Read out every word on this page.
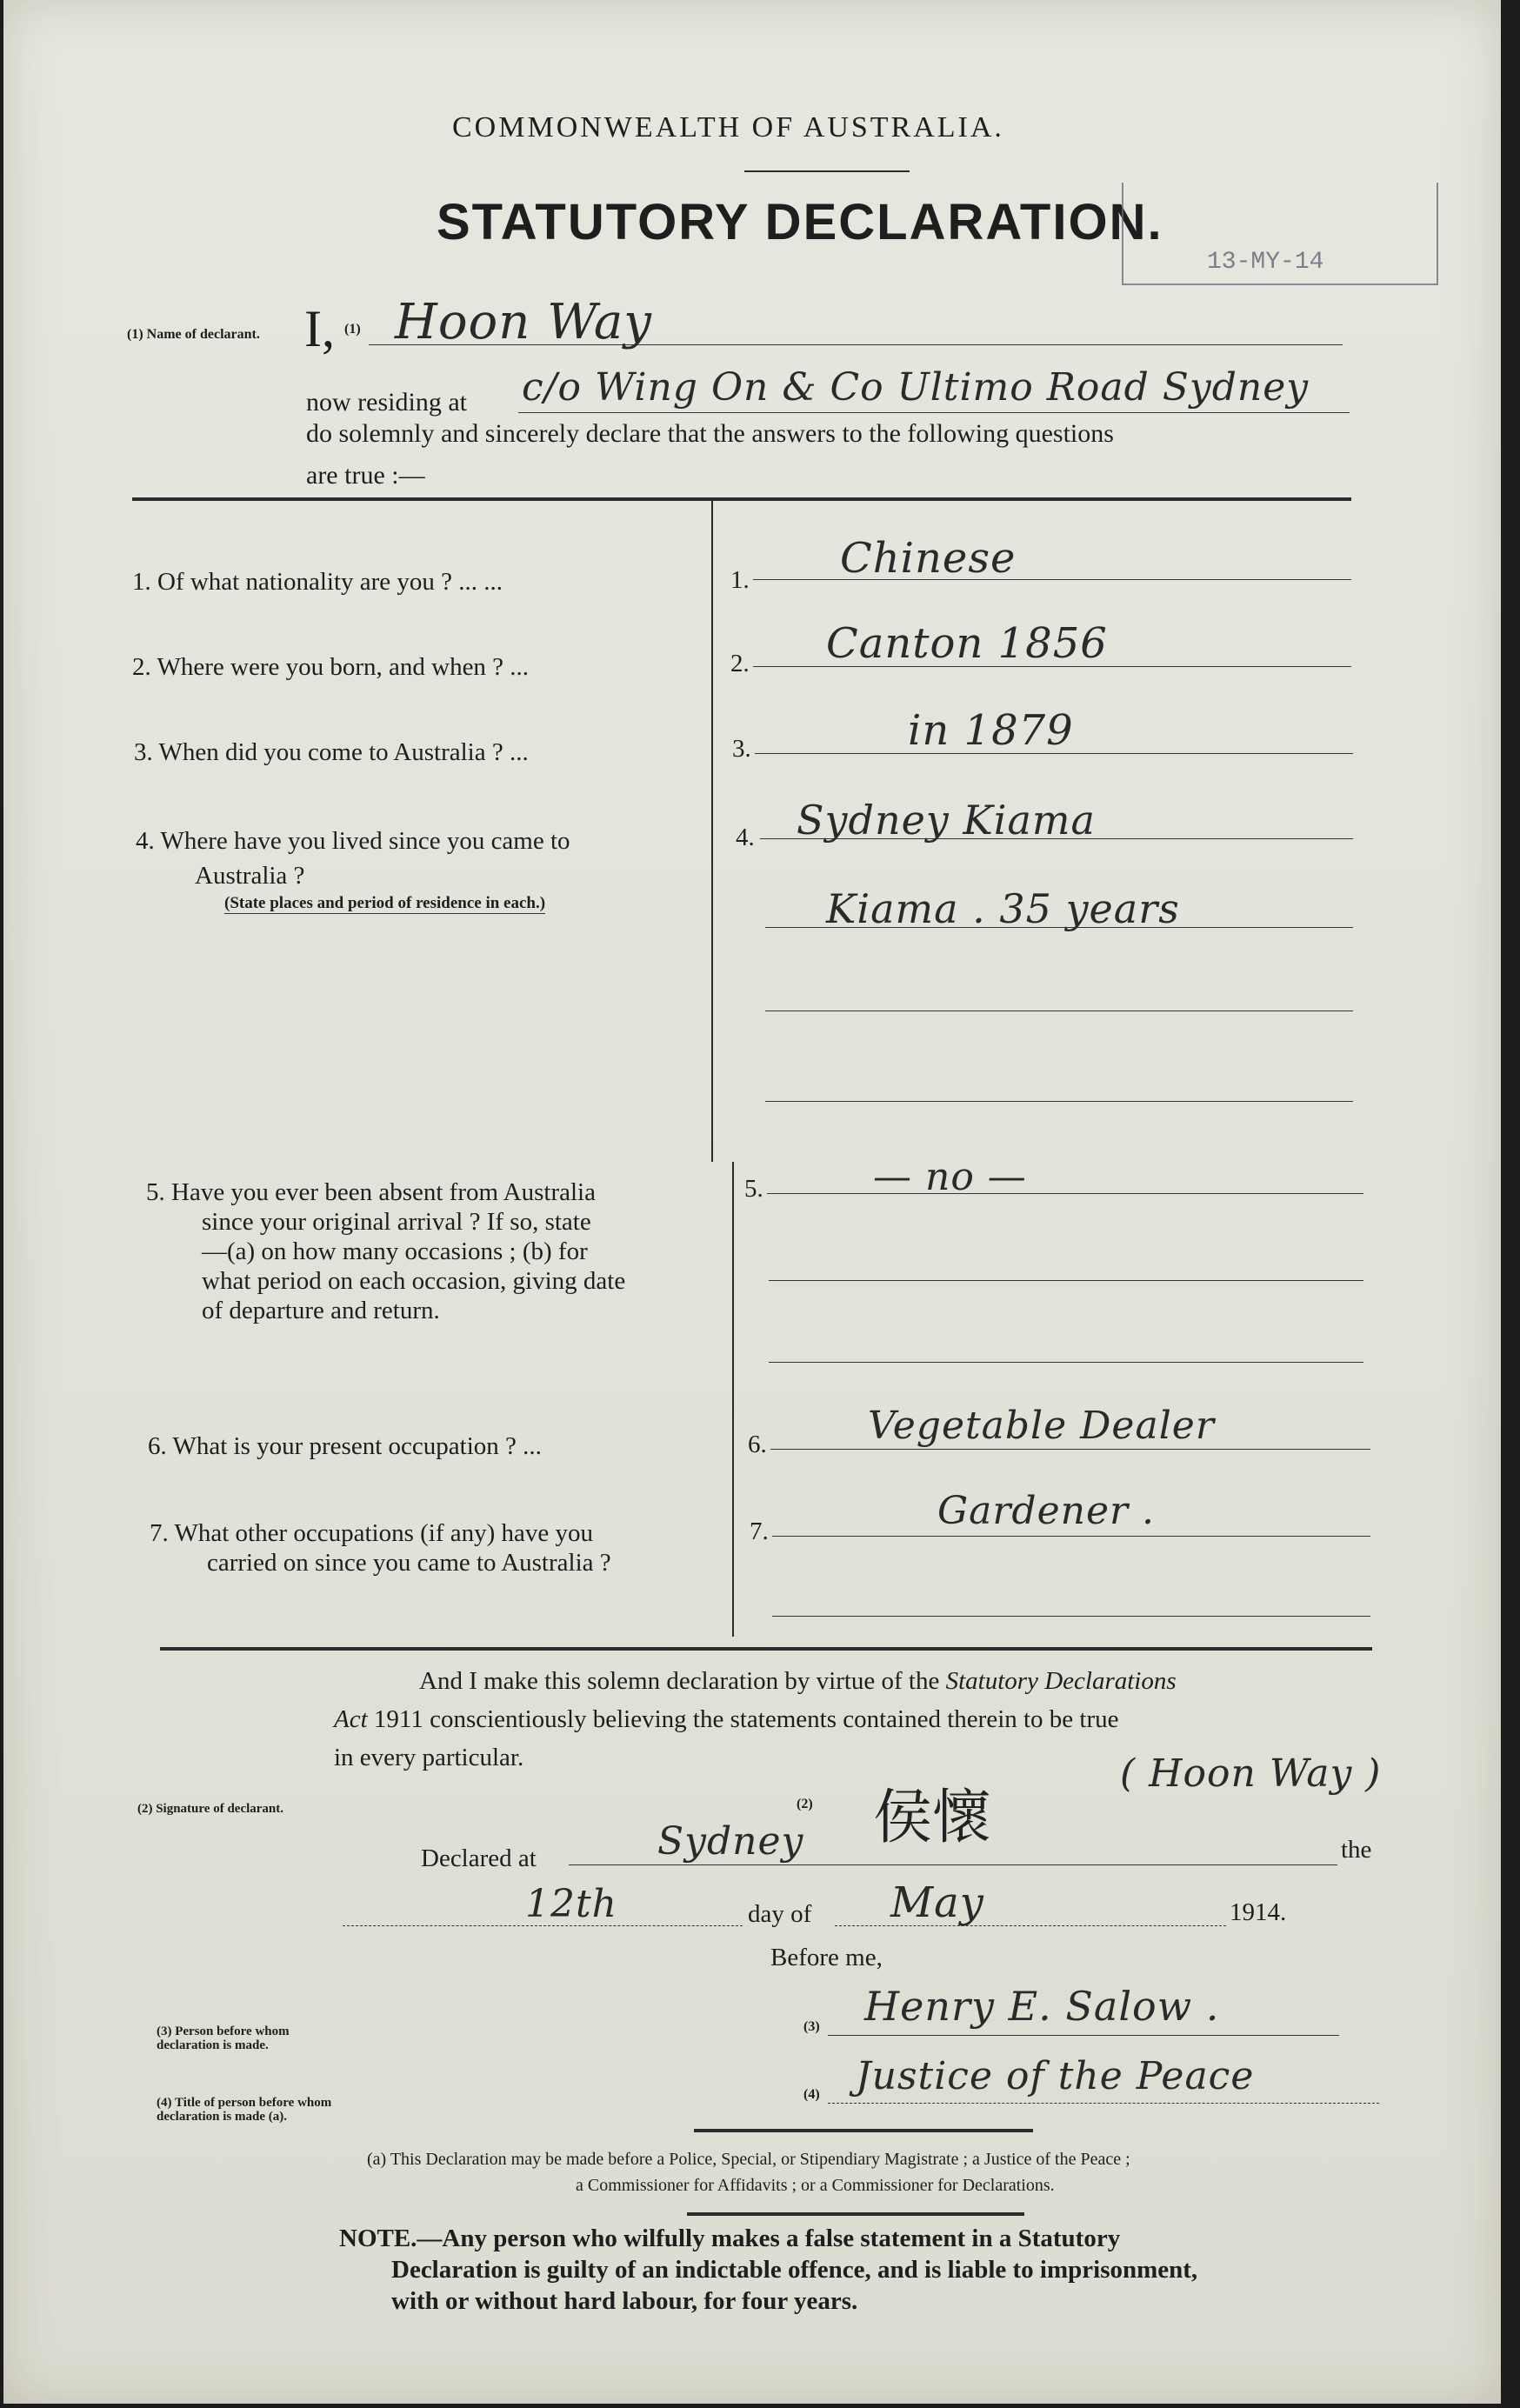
COMMONWEALTH OF AUSTRALIA.
STATUTORY DECLARATION.
13-MY-14
(1) Name of declarant. I, (1) Hoon Way
now residing at c/o Wing On & Co Ultimo Road Sydney
do solemnly and sincerely declare that the answers to the following questions
are true :—
1. Of what nationality are you ? ... ...	1. Chinese
2. Where were you born, and when ? ...	2. Canton 1856
3. When did you come to Australia ? ...	3.	in 1879
4. Where have you lived since you came to
Australia ?
(State places and period of residence in each.)
4. Sydney Kiama
Kiama . 35 years
5. Have you ever been absent from Australia
since your original arrival ? If so, state
—(a) on how many occasions ; (b) for
what period on each occasion, giving date
of departure and return.
5.	— no —
6. What is your present occupation ? ...	6.	Vegetable Dealer
7. What other occupations (if any) have you
carried on since you came to Australia ?
7.	Gardener .
And I make this solemn declaration by virtue of the Statutory Declarations
Act 1911 conscientiously believing the statements contained therein to be true
in every particular.
(2) Signature of declarant.	(2) 侯懷
( Hoon Way )
Declared at	Sydney	the
12th	day of May	1914.
Before me,
(3) Person before whom declaration is made.
(3) Henry E. Salow .
(4) Title of person before whom declaration is made (a).
(4) Justice of the Peace
(a) This Declaration may be made before a Police, Special, or Stipendiary Magistrate ; a Justice of the Peace ;
a Commissioner for Affidavits ; or a Commissioner for Declarations.
NOTE.—Any person who wilfully makes a false statement in a Statutory
Declaration is guilty of an indictable offence, and is liable to imprisonment,
with or without hard labour, for four years.
